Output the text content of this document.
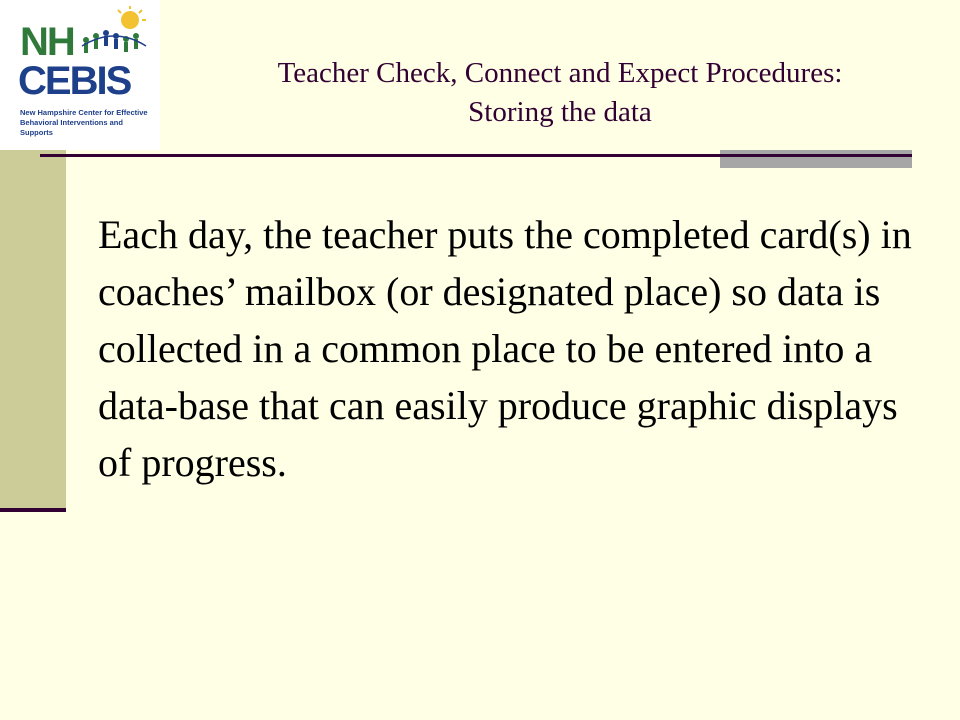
NH
CEBIS
New Hampshire Center for Effective Behavioral Interventions and Supports
Teacher Check, Connect and Expect Procedures:
Storing the data

Each day, the teacher puts the completed card(s) in coaches’ mailbox (or designated place) so data is collected in a common place to be entered into a data-base that can easily produce graphic displays of progress.
